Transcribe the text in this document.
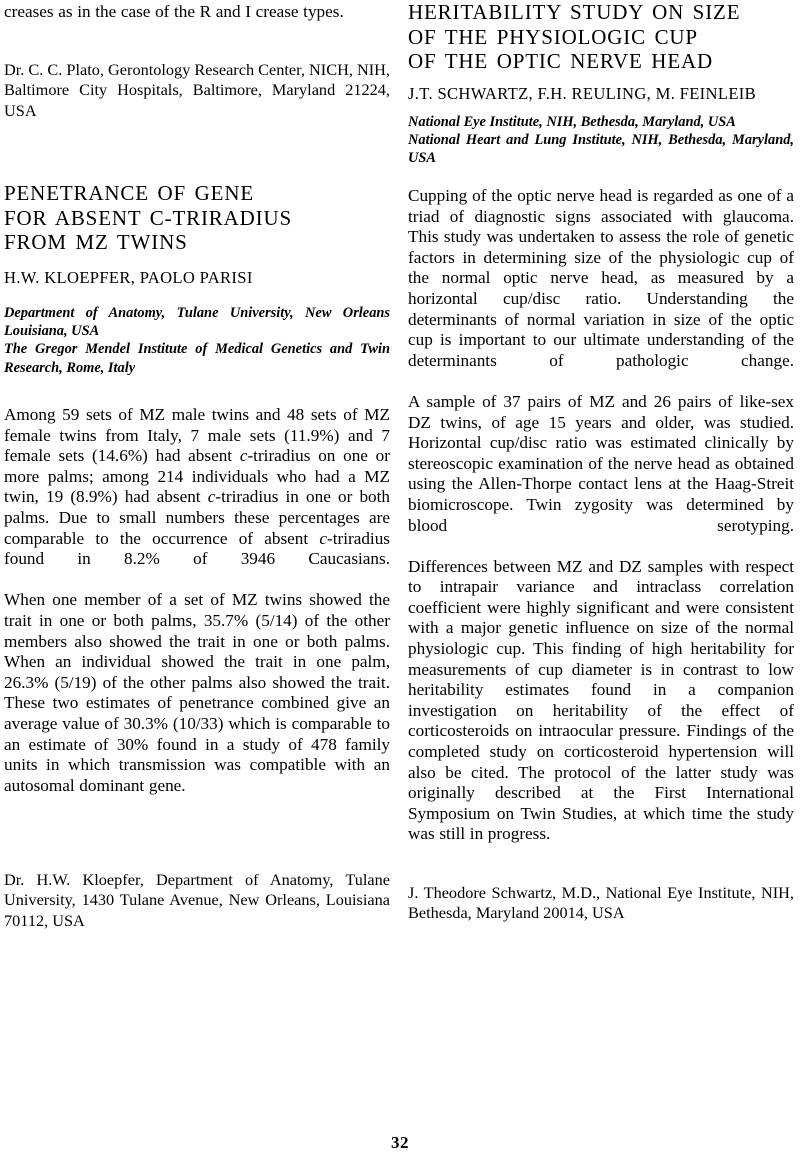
creases as in the case of the R and I crease types.

Dr. C. C. Plato, Gerontology Research Center, NICH, NIH, Baltimore City Hospitals, Baltimore, Maryland 21224, USA

PENETRANCE OF GENE
FOR ABSENT C-TRIRADIUS
FROM MZ TWINS
H.W. KLOEPFER, PAOLO PARISI

Department of Anatomy, Tulane University, New Orleans Louisiana, USA

The Gregor Mendel Institute of Medical Genetics and Twin Research, Rome, Italy

Among 59 sets of MZ male twins and 48 sets of MZ female twins from Italy, 7 male sets (11.9%) and 7 female sets (14.6%) had absent c-triradius on one or more palms; among 214 individuals who had a MZ twin, 19 (8.9%) had absent c-triradius in one or both palms. Due to small numbers these percentages are comparable to the occurrence of absent c-triradius found in 8.2% of 3946 Caucasians.

When one member of a set of MZ twins showed the trait in one or both palms, 35.7% (5/14) of the other members also showed the trait in one or both palms. When an individual showed the trait in one palm, 26.3% (5/19) of the other palms also showed the trait. These two estimates of penetrance combined give an average value of 30.3% (10/33) which is comparable to an estimate of 30% found in a study of 478 family units in which transmission was compatible with an autosomal dominant gene.

Dr. H.W. Kloepfer, Department of Anatomy, Tulane University, 1430 Tulane Avenue, New Orleans, Louisiana 70112, USA

HERITABILITY STUDY ON SIZE
OF THE PHYSIOLOGIC CUP
OF THE OPTIC NERVE HEAD
J.T. SCHWARTZ, F.H. REULING, M. FEINLEIB

National Eye Institute, NIH, Bethesda, Maryland, USA

National Heart and Lung Institute, NIH, Bethesda, Maryland, USA

Cupping of the optic nerve head is regarded as one of a triad of diagnostic signs associated with glaucoma. This study was undertaken to assess the role of genetic factors in determining size of the physiologic cup of the normal optic nerve head, as measured by a horizontal cup/disc ratio. Understanding the determinants of normal variation in size of the optic cup is important to our ultimate understanding of the determinants of pathologic change.

A sample of 37 pairs of MZ and 26 pairs of like-sex DZ twins, of age 15 years and older, was studied. Horizontal cup/disc ratio was estimated clinically by stereoscopic examination of the nerve head as obtained using the Allen-Thorpe contact lens at the Haag-Streit biomicroscope. Twin zygosity was determined by blood serotyping.

Differences between MZ and DZ samples with respect to intrapair variance and intraclass correlation coefficient were highly significant and were consistent with a major genetic influence on size of the normal physiologic cup. This finding of high heritability for measurements of cup diameter is in contrast to low heritability estimates found in a companion investigation on heritability of the effect of corticosteroids on intraocular pressure. Findings of the completed study on corticosteroid hypertension will also be cited. The protocol of the latter study was originally described at the First International Symposium on Twin Studies, at which time the study was still in progress.

J. Theodore Schwartz, M.D., National Eye Institute, NIH, Bethesda, Maryland 20014, USA

32
